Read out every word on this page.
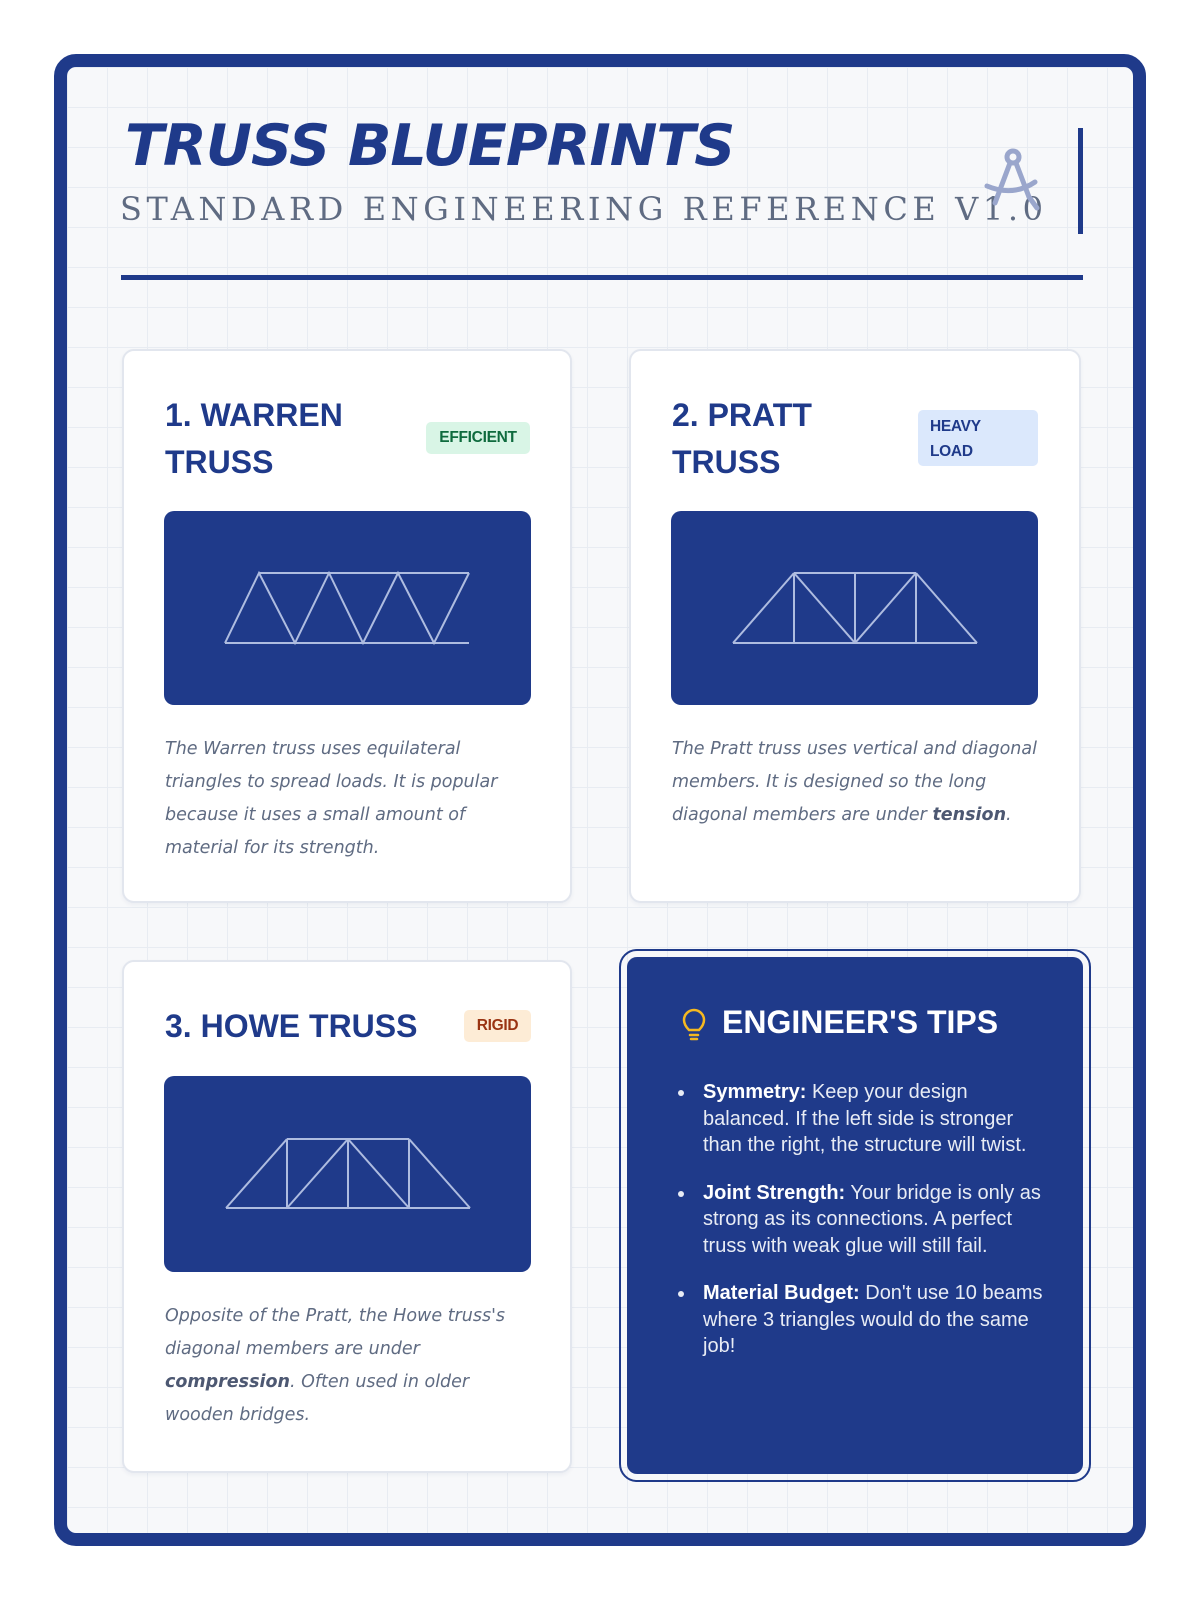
TRUSS BLUEPRINTS
STANDARD ENGINEERING REFERENCE V1.0
1. WARREN TRUSS
EFFICIENT
The Warren truss uses equilateral triangles to spread loads. It is popular because it uses a small amount of material for its strength.
2. PRATT TRUSS
HEAVY LOAD
The Pratt truss uses vertical and diagonal members. It is designed so the long diagonal members are under tension.
3. HOWE TRUSS	RIGID
Opposite of the Pratt, the Howe truss's diagonal members are under compression. Often used in older wooden bridges.
ENGINEER'S TIPS
Symmetry: Keep your design balanced. If the left side is stronger than the right, the structure will twist.
Joint Strength: Your bridge is only as strong as its connections. A perfect truss with weak glue will still fail.
Material Budget: Don't use 10 beams where 3 triangles would do the same job!
